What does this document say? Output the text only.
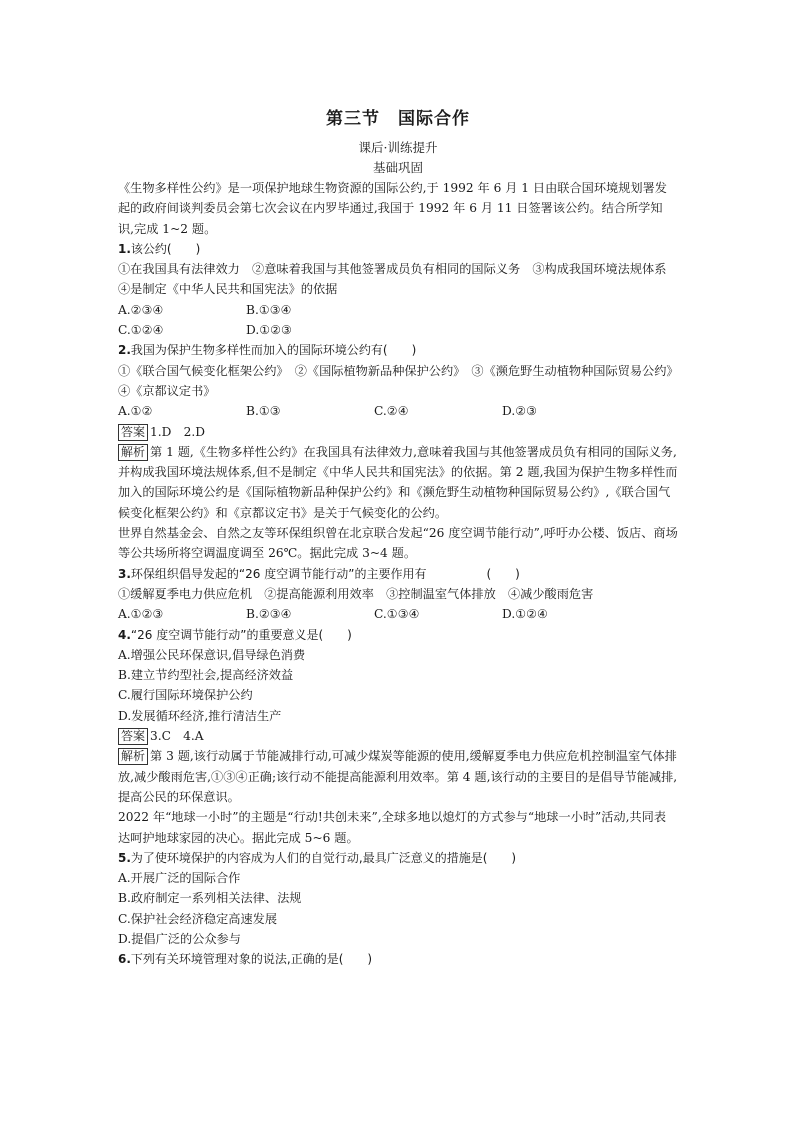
第三节　国际合作
课后·训练提升
基础巩固

《生物多样性公约》是一项保护地球生物资源的国际公约,于 1992 年 6 月 1 日由联合国环境规划署发起的政府间谈判委员会第七次会议在内罗毕通过,我国于 1992 年 6 月 11 日签署该公约。结合所学知识,完成 1~2 题。

1.该公约(　　)

①在我国具有法律效力　②意味着我国与其他签署成员负有相同的国际义务　③构成我国环境法规体系　④是制定《中华人民共和国宪法》的依据

A.②③④	B.①③④
C.①②④	D.①②③

2.我国为保护生物多样性而加入的国际环境公约有(　　)

①《联合国气候变化框架公约》　②《国际植物新品种保护公约》　③《濒危野生动植物种国际贸易公约》　④《京都议定书》

A.①②	B.①③	C.②④	D.②③

答案 1.D　2.D

解析 第 1 题,《生物多样性公约》在我国具有法律效力,意味着我国与其他签署成员负有相同的国际义务,并构成我国环境法规体系,但不是制定《中华人民共和国宪法》的依据。第 2 题,我国为保护生物多样性而加入的国际环境公约是《国际植物新品种保护公约》和《濒危野生动植物种国际贸易公约》,《联合国气候变化框架公约》和《京都议定书》是关于气候变化的公约。

世界自然基金会、自然之友等环保组织曾在北京联合发起“26 度空调节能行动”,呼吁办公楼、饭店、商场等公共场所将空调温度调至 26℃。据此完成 3~4 题。

3.环保组织倡导发起的“26 度空调节能行动”的主要作用有　　　　　(　　)

①缓解夏季电力供应危机　②提高能源利用效率　③控制温室气体排放　④减少酸雨危害

A.①②③	B.②③④	C.①③④	D.①②④

4.“26 度空调节能行动”的重要意义是(　　)

A.增强公民环保意识,倡导绿色消费

B.建立节约型社会,提高经济效益

C.履行国际环境保护公约

D.发展循环经济,推行清洁生产

答案 3.C　4.A

解析 第 3 题,该行动属于节能减排行动,可减少煤炭等能源的使用,缓解夏季电力供应危机控制温室气体排放,减少酸雨危害,①③④正确;该行动不能提高能源利用效率。第 4 题,该行动的主要目的是倡导节能减排,提高公民的环保意识。

2022 年“地球一小时”的主题是“行动!共创未来”,全球多地以熄灯的方式参与“地球一小时”活动,共同表达呵护地球家园的决心。据此完成 5~6 题。

5.为了使环境保护的内容成为人们的自觉行动,最具广泛意义的措施是(　　)

A.开展广泛的国际合作

B.政府制定一系列相关法律、法规

C.保护社会经济稳定高速发展

D.提倡广泛的公众参与

6.下列有关环境管理对象的说法,正确的是(　　)
